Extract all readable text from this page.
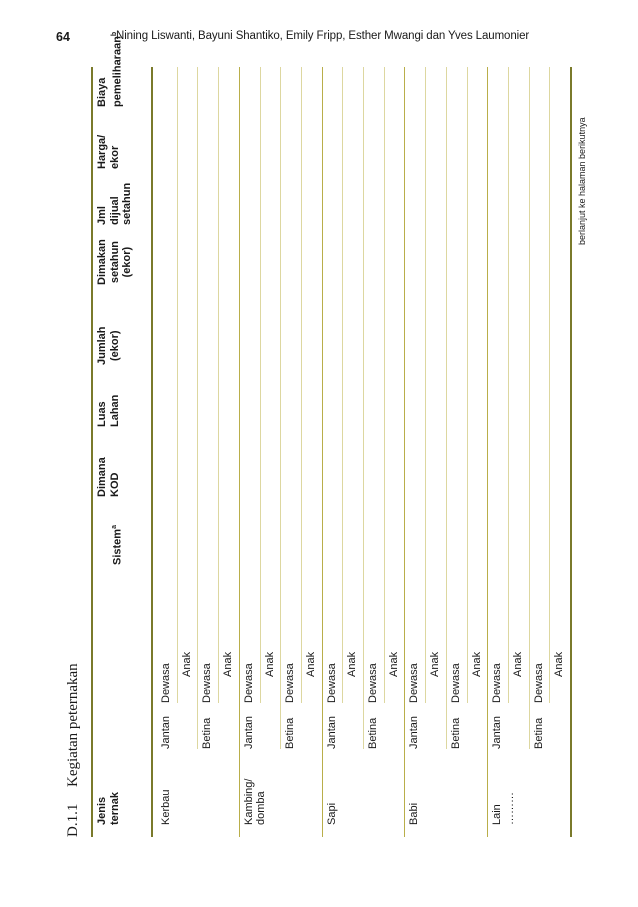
64	Nining Liswanti, Bayuni Shantiko, Emily Fripp, Esther Mwangi dan Yves Laumonier
D.1.1
Kegiatan peternakan
Jenis ternak
Sistem$^a$
Dimana KOD
Luas Lahan
Jumlah (ekor)
Dimakan setahun (ekor)
Jml dijual setahun
Harga/ ekor
Biaya pemeliharaan$^b$
Kerbau
Jantan
Dewasa Anak
Betina
Dewasa Anak
Kambing/ domba
Jantan
Dewasa Anak
Betina
Dewasa Anak
Sapi
Jantan
Dewasa Anak
Betina
Dewasa Anak
Babi
Jantan
Dewasa Anak
Betina
Dewasa Anak
Lain ………
Jantan
Dewasa Anak
Betina
Dewasa Anak
berlanjut ke halaman berikutnya
